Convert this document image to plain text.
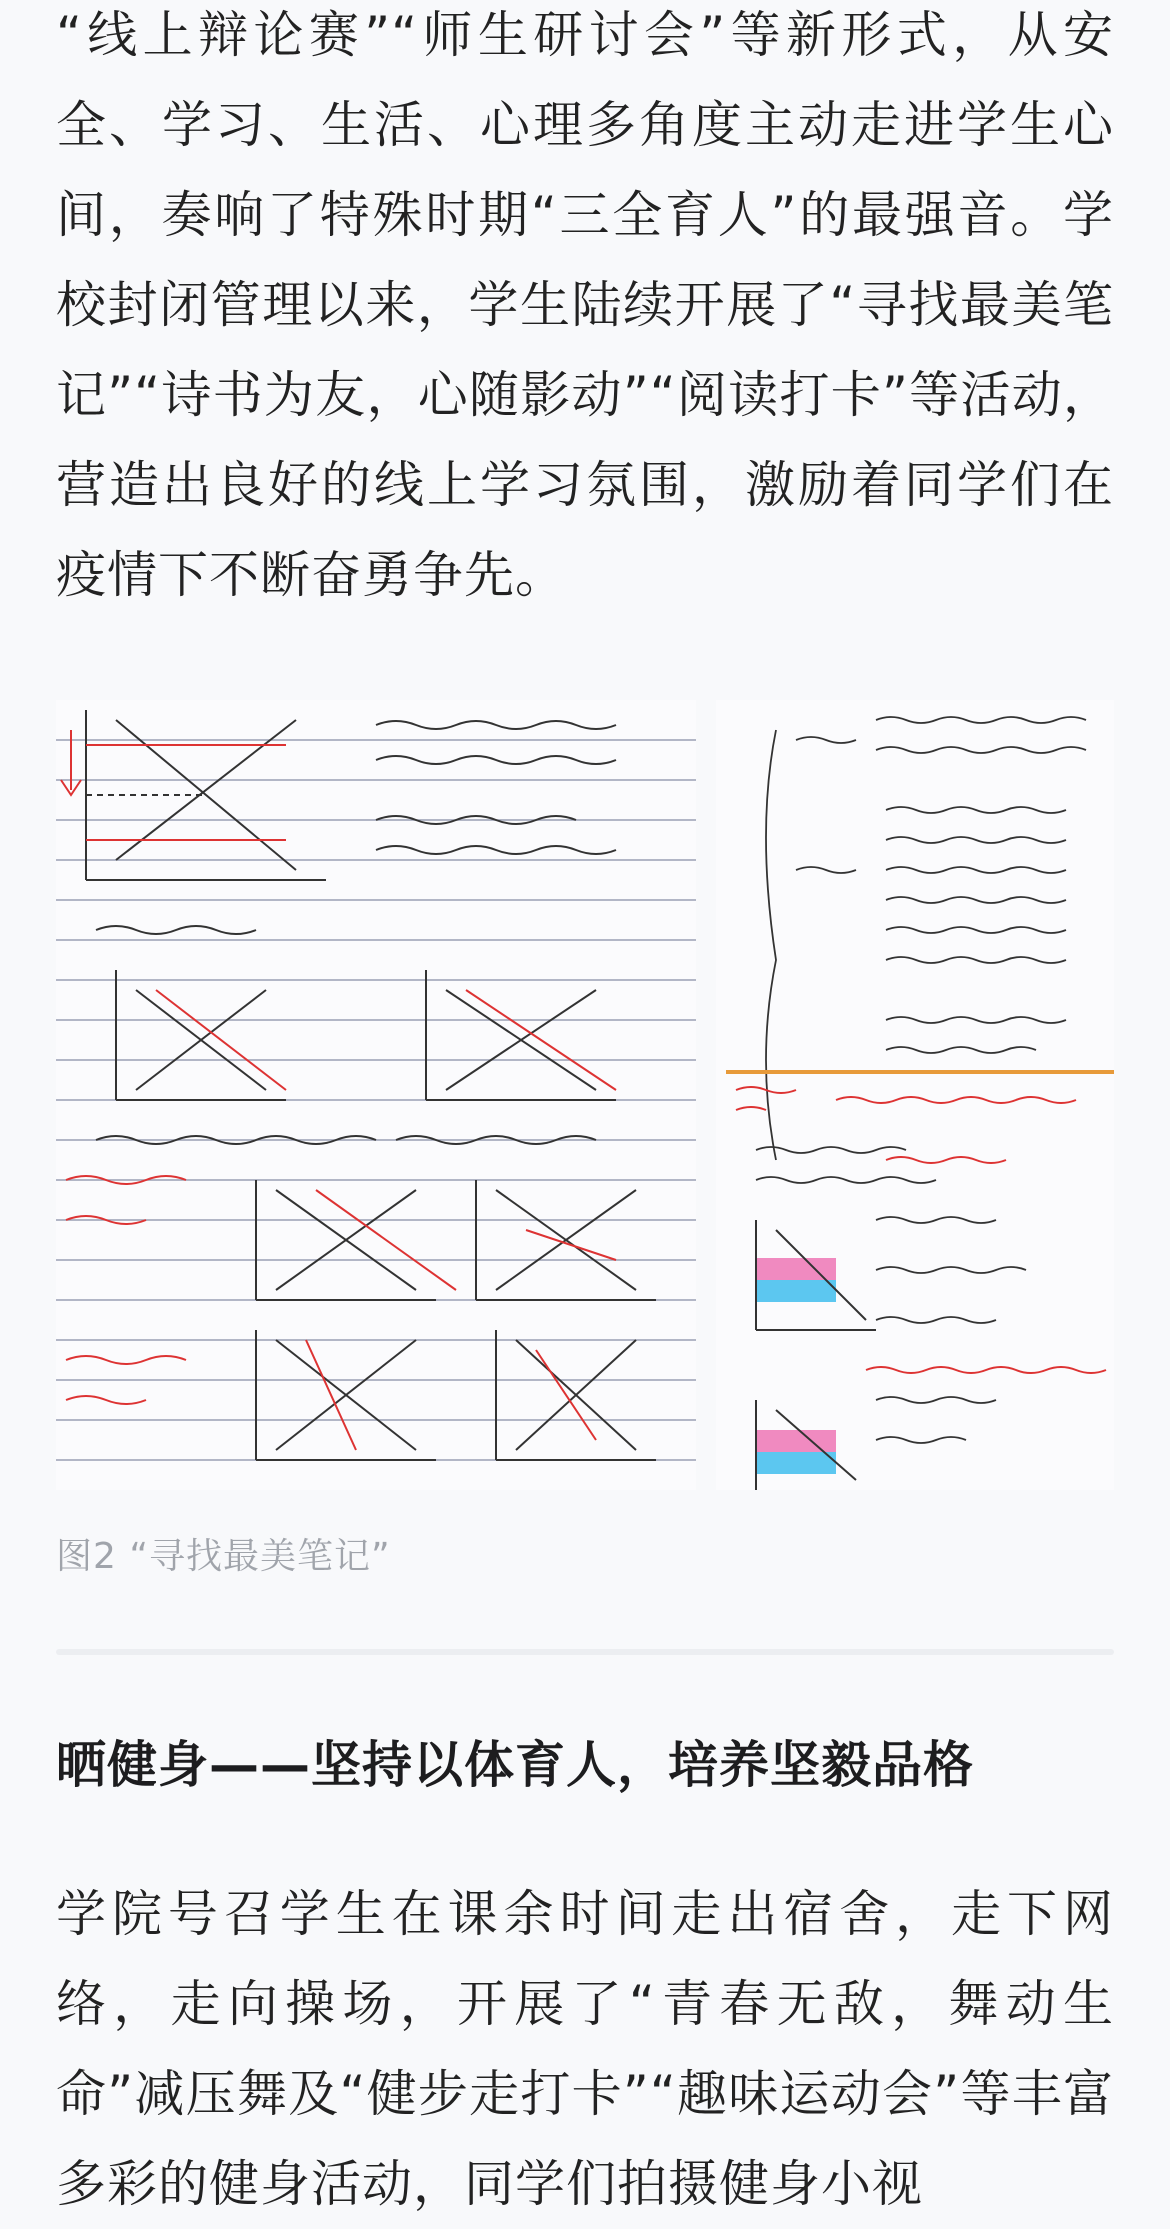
“线上辩论赛”“师生研讨会”等新形式，从安全、学习、生活、心理多角度主动走进学生心间，奏响了特殊时期“三全育人”的最强音。学校封闭管理以来，学生陆续开展了“寻找最美笔记”“诗书为友，心随影动”“阅读打卡”等活动，营造出良好的线上学习氛围，激励着同学们在疫情下不断奋勇争先。

图2 “寻找最美笔记”
晒健身——坚持以体育人，培养坚毅品格

学院号召学生在课余时间走出宿舍，走下网络，走向操场，开展了“青春无敌，舞动生命”减压舞及“健步走打卡”“趣味运动会”等丰富多彩的健身活动，同学们拍摄健身小视
